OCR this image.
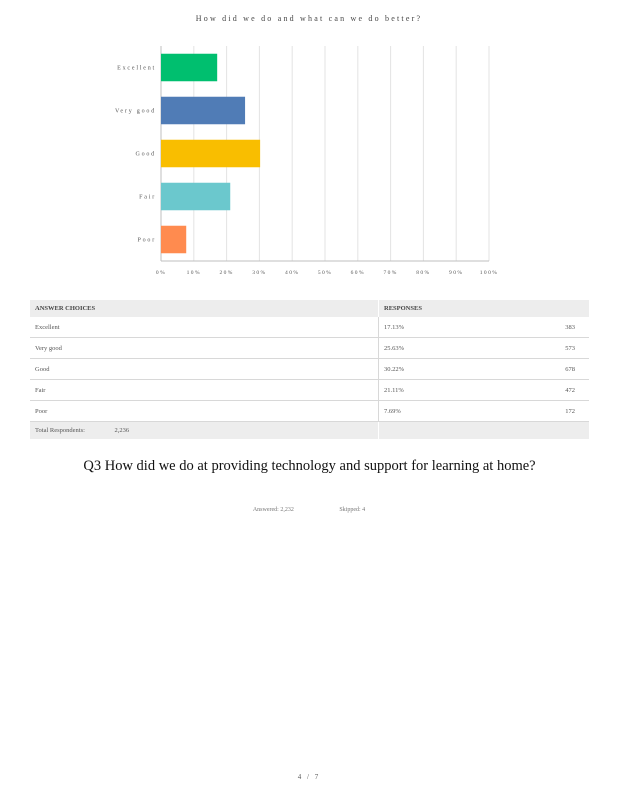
How did we do and what can we do better?
0%	10%	20%	30%	40%	50%	60%	70%	80%	90%	100%
Excellent
Very good
Good
Fair
Poor
ANSWER CHOICES	RESPONSES	
Excellent	17.13%	383
Very good	25.63%	573
Good	30.22%	678
Fair	21.11%	472
Poor	7.69%	172
Total Respondents: 2,236		
Q3 How did we do at providing technology and support for learning at home?
Answered: 2,232	Skipped: 4
4 / 7
